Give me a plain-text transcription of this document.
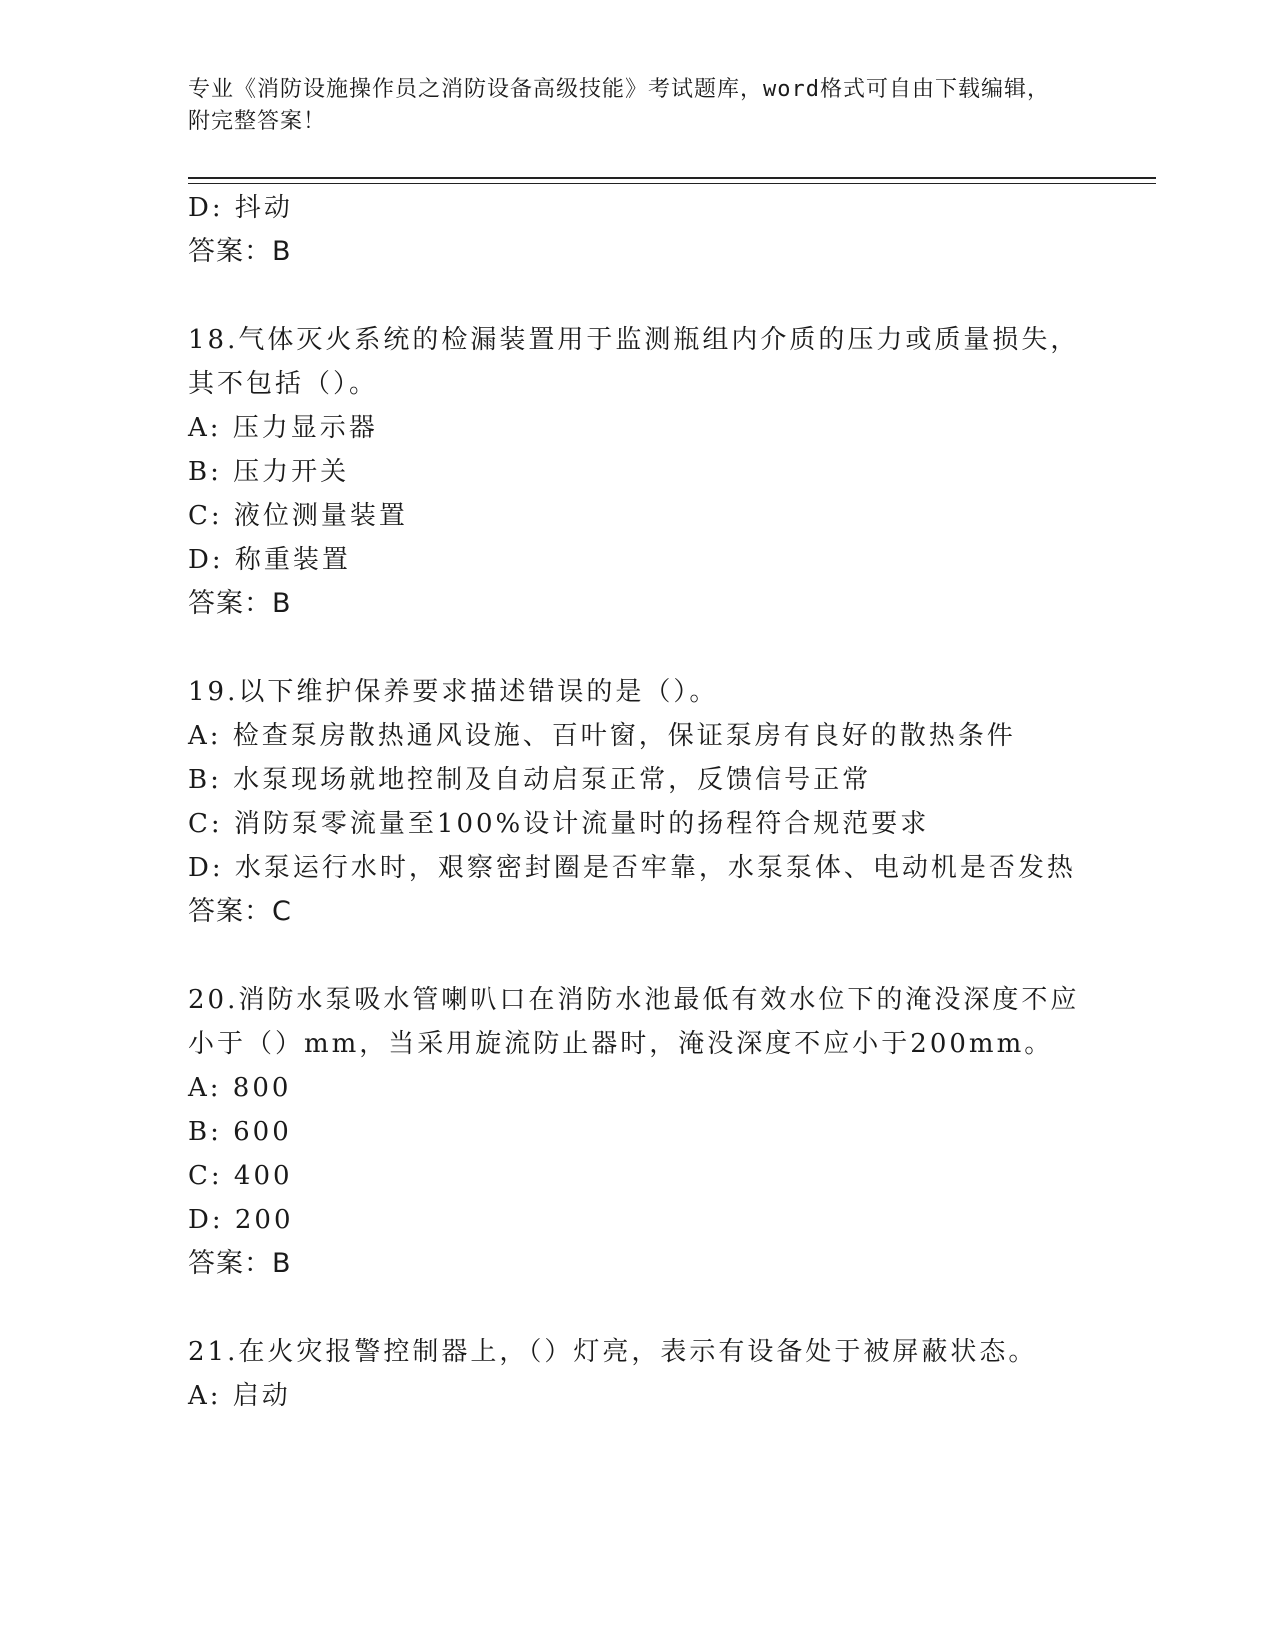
专业《消防设施操作员之消防设备高级技能》考试题库，word格式可自由下载编辑，附完整答案！
D: 抖动
答案：B
18.气体灭火系统的检漏装置用于监测瓶组内介质的压力或质量损失，
其不包括（）。
A: 压力显示器
B: 压力开关
C: 液位测量装置
D: 称重装置
答案：B
19.以下维护保养要求描述错误的是（）。
A: 检查泵房散热通风设施、百叶窗，保证泵房有良好的散热条件
B: 水泵现场就地控制及自动启泵正常，反馈信号正常
C: 消防泵零流量至100%设计流量时的扬程符合规范要求
D: 水泵运行水时，艰察密封圈是否牢靠，水泵泵体、电动机是否发热
答案：C
20.消防水泵吸水管喇叭口在消防水池最低有效水位下的淹没深度不应
小于（）mm，当采用旋流防止器时，淹没深度不应小于200mm。
A: 800
B: 600
C: 400
D: 200
答案：B
21.在火灾报警控制器上，（）灯亮，表示有设备处于被屏蔽状态。
A: 启动
